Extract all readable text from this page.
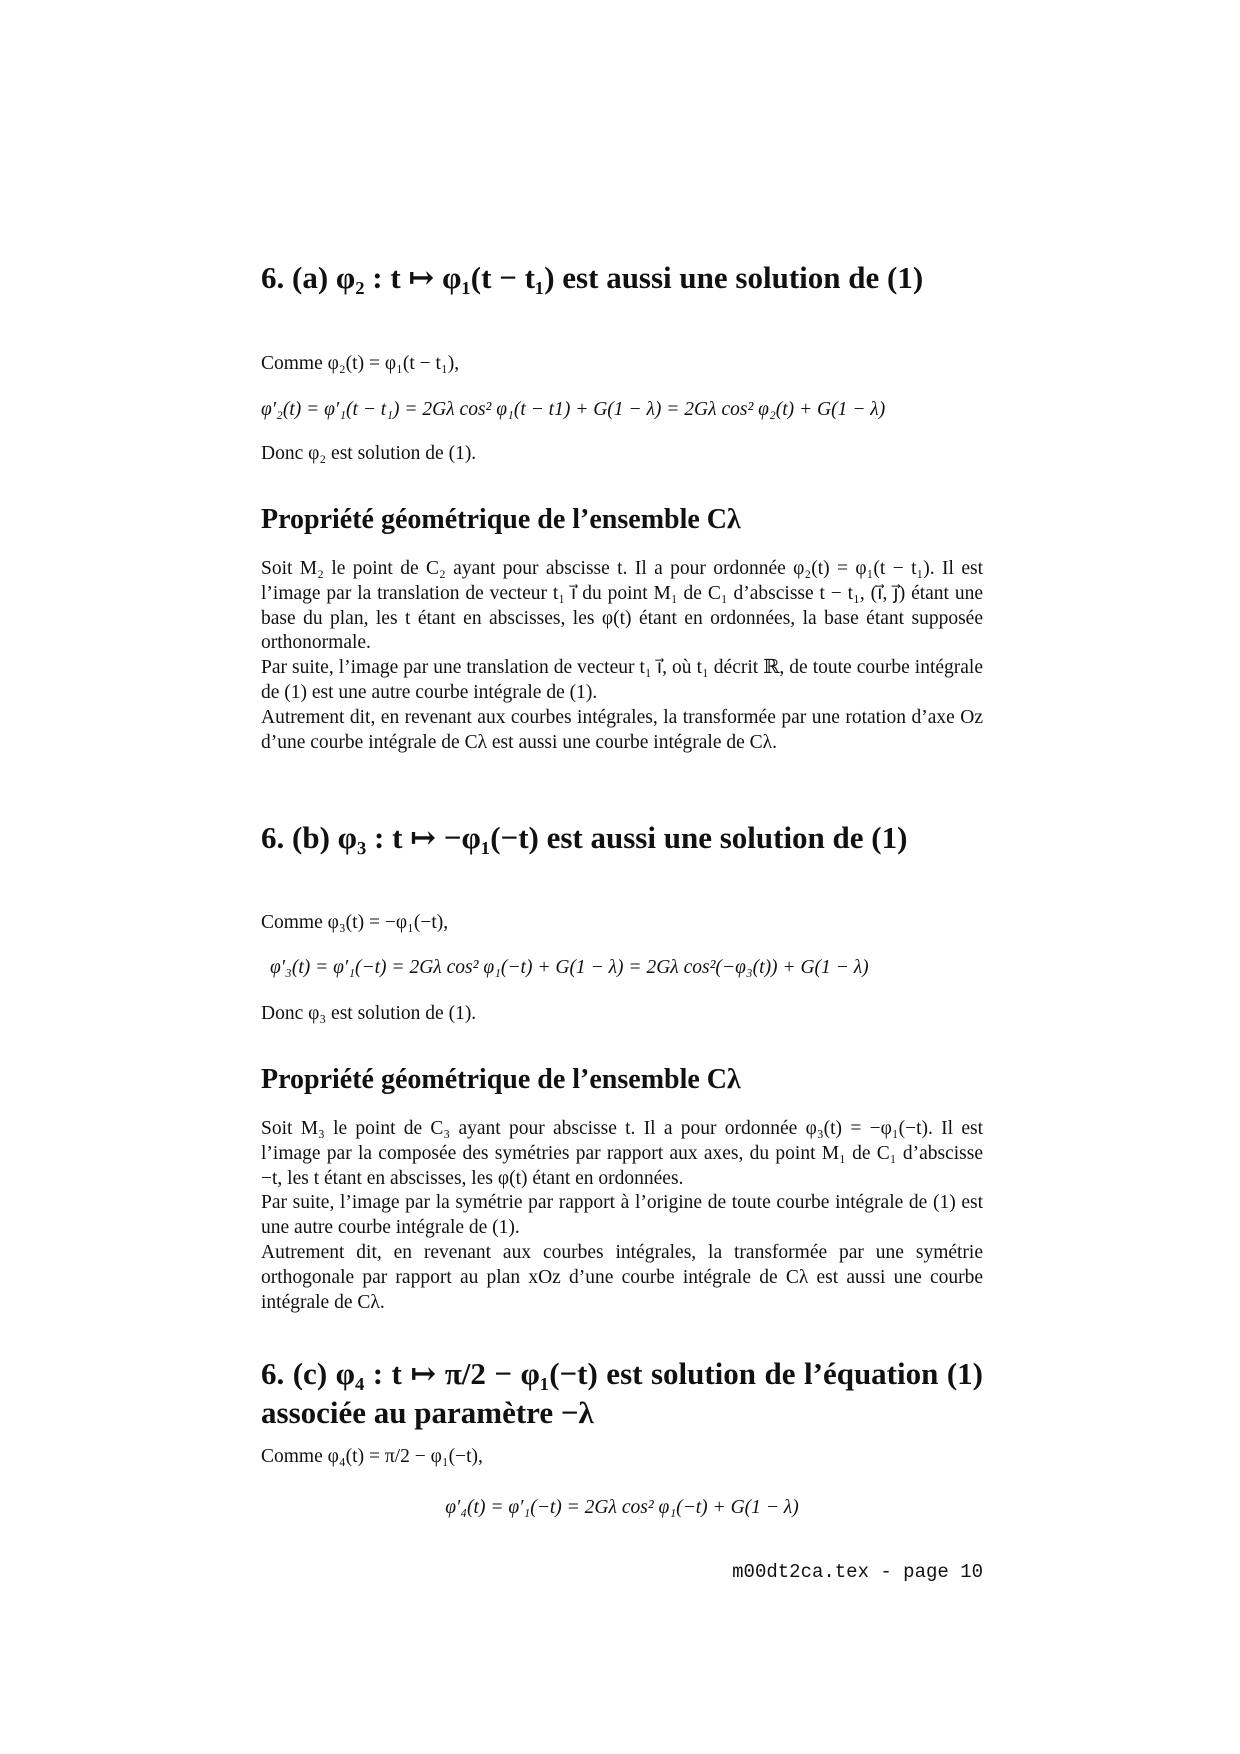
6. (a) φ₂ : t ↦ φ₁(t − t₁) est aussi une solution de (1)
Comme φ₂(t) = φ₁(t − t₁),
φ′₂(t) = φ′₁(t − t₁) = 2Gλ cos² φ₁(t − t1) + G(1 − λ) = 2Gλ cos² φ₂(t) + G(1 − λ)
Donc φ₂ est solution de (1).
Propriété géométrique de l’ensemble Cλ
Soit M₂ le point de C₂ ayant pour abscisse t. Il a pour ordonnée φ₂(t) = φ₁(t − t₁). Il est l’image par la translation de vecteur t₁ i⃗ du point M₁ de C₁ d’abscisse t − t₁, (i⃗, j⃗) étant une base du plan, les t étant en abscisses, les φ(t) étant en ordonnées, la base étant supposée orthonormale.
Par suite, l’image par une translation de vecteur t₁ i⃗, où t₁ décrit ℝ, de toute courbe intégrale de (1) est une autre courbe intégrale de (1).
Autrement dit, en revenant aux courbes intégrales, la transformée par une rotation d’axe Oz d’une courbe intégrale de Cλ est aussi une courbe intégrale de Cλ.
6. (b) φ₃ : t ↦ −φ₁(−t) est aussi une solution de (1)
Comme φ₃(t) = −φ₁(−t),
φ′₃(t) = φ′₁(−t) = 2Gλ cos² φ₁(−t) + G(1 − λ) = 2Gλ cos²(−φ₃(t)) + G(1 − λ)
Donc φ₃ est solution de (1).
Propriété géométrique de l’ensemble Cλ
Soit M₃ le point de C₃ ayant pour abscisse t. Il a pour ordonnée φ₃(t) = −φ₁(−t). Il est l’image par la composée des symétries par rapport aux axes, du point M₁ de C₁ d’abscisse −t, les t étant en abscisses, les φ(t) étant en ordonnées.
Par suite, l’image par la symétrie par rapport à l’origine de toute courbe intégrale de (1) est une autre courbe intégrale de (1).
Autrement dit, en revenant aux courbes intégrales, la transformée par une symétrie orthogonale par rapport au plan xOz d’une courbe intégrale de Cλ est aussi une courbe intégrale de Cλ.
6. (c) φ₄ : t ↦ π/2 − φ₁(−t) est solution de l’équation (1) associée au paramètre −λ
Comme φ₄(t) = π/2 − φ₁(−t),
φ′₄(t) = φ′₁(−t) = 2Gλ cos² φ₁(−t) + G(1 − λ)
m00dt2ca.tex - page 10
